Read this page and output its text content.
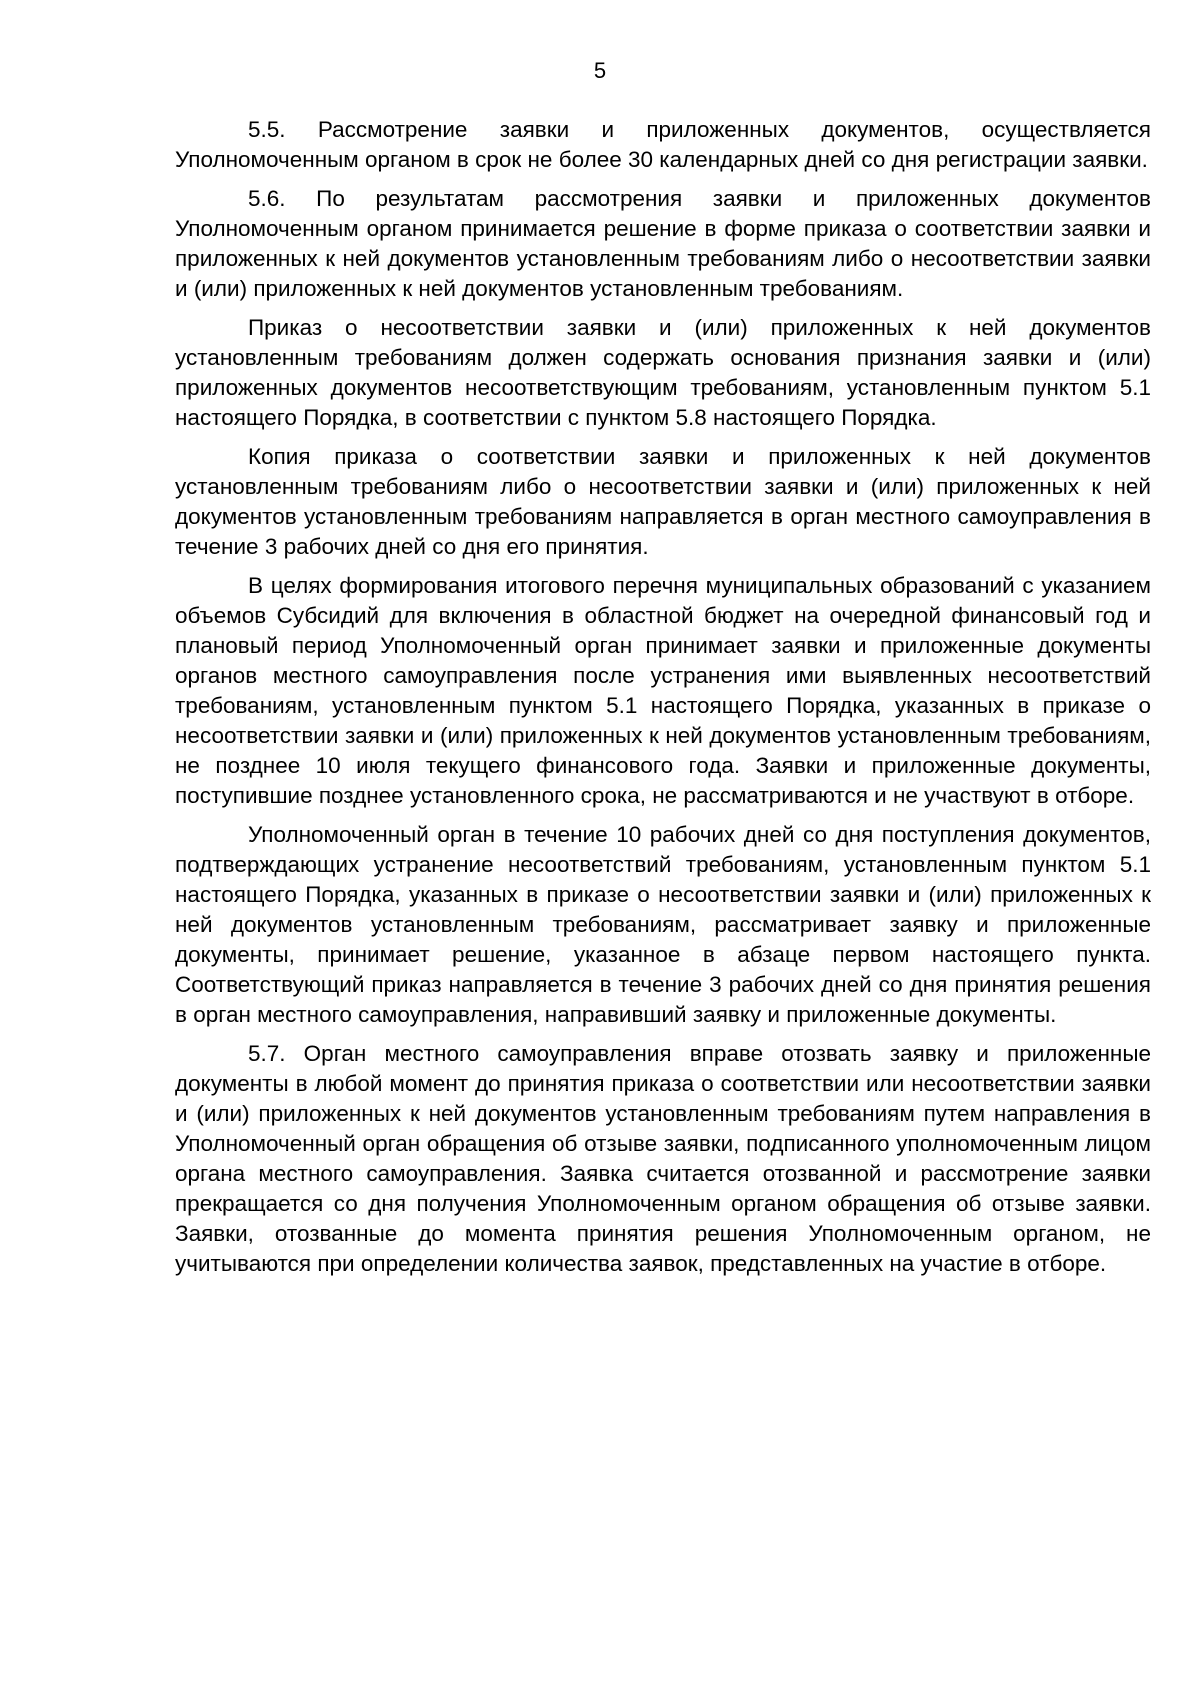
5

5.5. Рассмотрение заявки и приложенных документов, осуществляется Уполномоченным органом в срок не более 30 календарных дней со дня регистрации заявки.

5.6. По результатам рассмотрения заявки и приложенных документов Уполномоченным органом принимается решение в форме приказа о соответствии заявки и приложенных к ней документов установленным требованиям либо о несоответствии заявки и (или) приложенных к ней документов установленным требованиям.

Приказ о несоответствии заявки и (или) приложенных к ней документов установленным требованиям должен содержать основания признания заявки и (или) приложенных документов несоответствующим требованиям, установленным пунктом 5.1 настоящего Порядка, в соответствии с пунктом 5.8 настоящего Порядка.

Копия приказа о соответствии заявки и приложенных к ней документов установленным требованиям либо о несоответствии заявки и (или) приложенных к ней документов установленным требованиям направляется в орган местного самоуправления в течение 3 рабочих дней со дня его принятия.

В целях формирования итогового перечня муниципальных образований с указанием объемов Субсидий для включения в областной бюджет на очередной финансовый год и плановый период Уполномоченный орган принимает заявки и приложенные документы органов местного самоуправления после устранения ими выявленных несоответствий требованиям, установленным пунктом 5.1 настоящего Порядка, указанных в приказе о несоответствии заявки и (или) приложенных к ней документов установленным требованиям, не позднее 10 июля текущего финансового года. Заявки и приложенные документы, поступившие позднее установленного срока, не рассматриваются и не участвуют в отборе.

Уполномоченный орган в течение 10 рабочих дней со дня поступления документов, подтверждающих устранение несоответствий требованиям, установленным пунктом 5.1 настоящего Порядка, указанных в приказе о несоответствии заявки и (или) приложенных к ней документов установленным требованиям, рассматривает заявку и приложенные документы, принимает решение, указанное в абзаце первом настоящего пункта. Соответствующий приказ направляется в течение 3 рабочих дней со дня принятия решения в орган местного самоуправления, направивший заявку и приложенные документы.

5.7. Орган местного самоуправления вправе отозвать заявку и приложенные документы в любой момент до принятия приказа о соответствии или несоответствии заявки и (или) приложенных к ней документов установленным требованиям путем направления в Уполномоченный орган обращения об отзыве заявки, подписанного уполномоченным лицом органа местного самоуправления. Заявка считается отозванной и рассмотрение заявки прекращается со дня получения Уполномоченным органом обращения об отзыве заявки. Заявки, отозванные до момента принятия решения Уполномоченным органом, не учитываются при определении количества заявок, представленных на участие в отборе.
